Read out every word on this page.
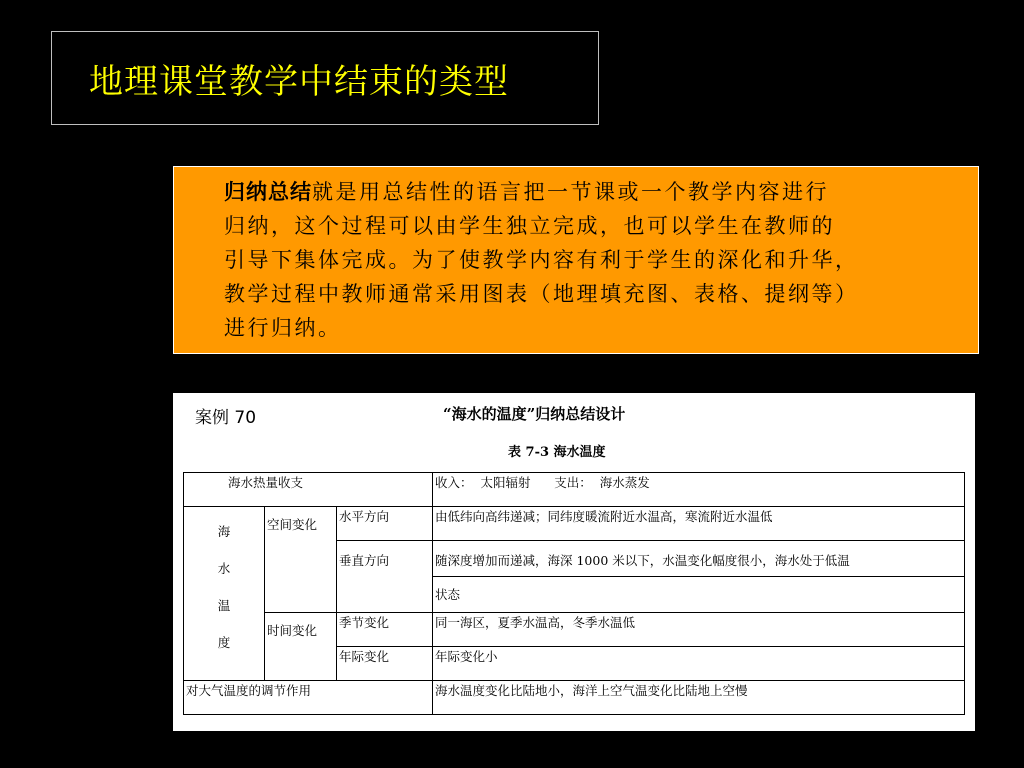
地理课堂教学中结束的类型
归纳总结就是用总结性的语言把一节课或一个教学内容进行
归纳，这个过程可以由学生独立完成，也可以学生在教师的
引导下集体完成。为了使教学内容有利于学生的深化和升华，
教学过程中教师通常采用图表（地理填充图、表格、提纲等）
进行归纳。
案例 70	“海水的温度”归纳总结设计
表 7-3 海水温度
海水热量收支			收入：  太阳辐射      支出：  海水蒸发

海
水
温
度	空间变化	水平方向	由低纬向高纬递减；同纬度暖流附近水温高，寒流附近水温低
		垂直方向	随深度增加而递减，海深 1000 米以下，水温变化幅度很小，海水处于低温
			状态
	时间变化	季节变化	同一海区，夏季水温高，冬季水温低
		年际变化	年际变化小
对大气温度的调节作用			海水温度变化比陆地小，海洋上空气温变化比陆地上空慢
